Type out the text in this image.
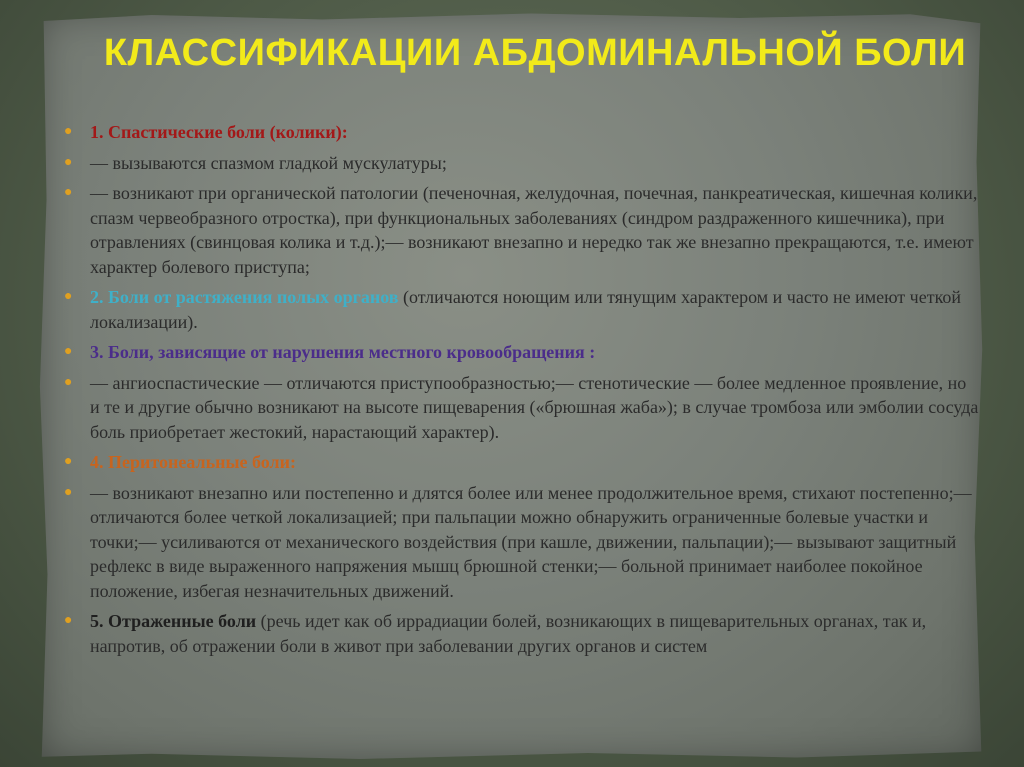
КЛАССИФИКАЦИИ АБДОМИНАЛЬНОЙ БОЛИ
● 1. Спастические боли (колики):
● — вызываются спазмом гладкой мускулатуры;
● — возникают при органической патологии (печеночная, желудочная, почечная, панкреатическая, кишечная колики, спазм червеобразного отростка), при функциональных заболеваниях (синдром раздраженного кишечника), при отравлениях (свинцовая колика и т.д.);— возникают внезапно и нередко так же внезапно прекращаются, т.е. имеют характер болевого приступа;
● 2. Боли от растяжения полых органов (отличаются ноющим или тянущим характером и часто не имеют четкой локализации).
● 3. Боли, зависящие от нарушения местного кровообращения :
● — ангиоспастические — отличаются приступообразностью;— стенотические — более медленное проявление, но и те и другие обычно возникают на высоте пищеварения («брюшная жаба»); в случае тромбоза или эмболии сосуда боль приобретает жестокий, нарастающий характер).
● 4. Перитонеальные боли:
● — возникают внезапно или постепенно и длятся более или менее продолжительное время, стихают постепенно;— отличаются более четкой локализацией; при пальпации можно обнаружить ограниченные болевые участки и точки;— усиливаются от механического воздействия (при кашле, движении, пальпации);— вызывают защитный рефлекс в виде выраженного напряжения мышц брюшной стенки;— больной принимает наиболее покойное положение, избегая незначительных движений.
● 5. Отраженные боли (речь идет как об иррадиации болей, возникающих в пищеварительных органах, так и, напротив, об отражении боли в живот при заболевании других органов и систем
